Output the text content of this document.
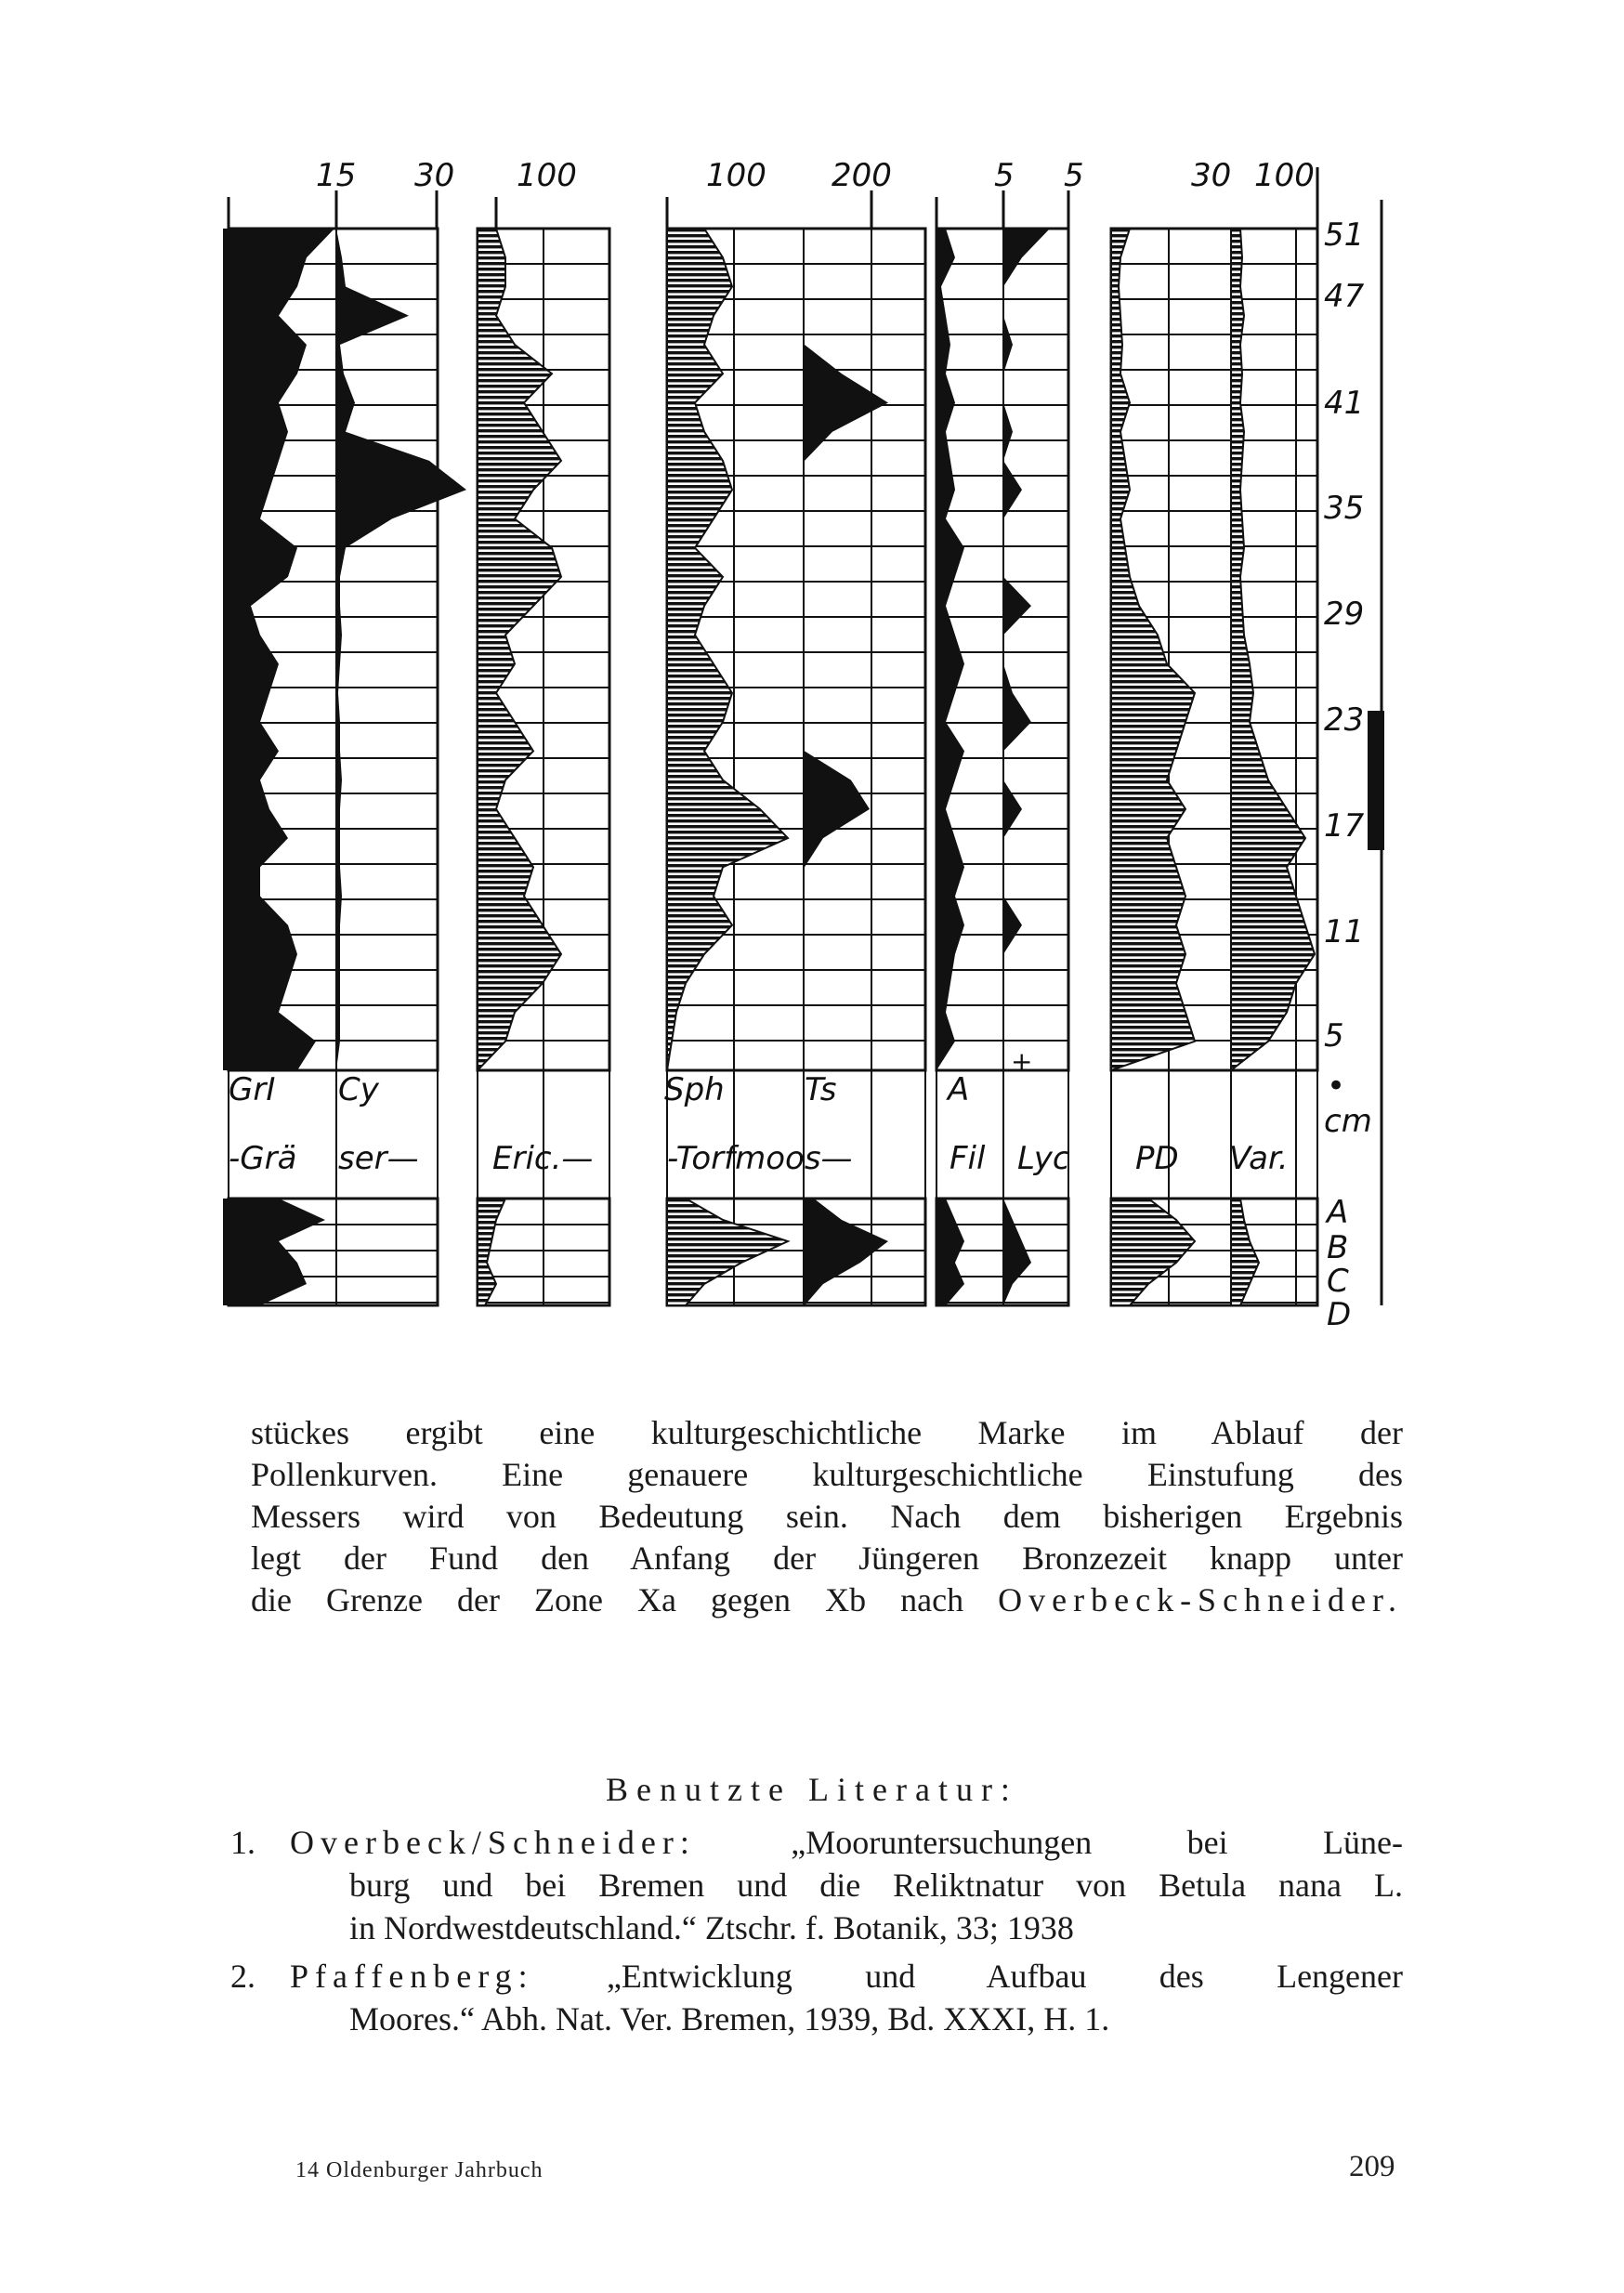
15 30 100	100 200	5 5	30 100
GrI Cy
-Grä ser— Eric.—
Sph	Ts
-Torfmoos—
A
Fil Lyc PD Var.
+
51
47
41
35
29
23
17
11
5
•
cm
A
B
C
D
stückes ergibt eine kulturgeschichtliche Marke im Ablauf der
Pollenkurven. Eine genauere kulturgeschichtliche Einstufung des
Messers wird von Bedeutung sein. Nach dem bisherigen Ergebnis
legt der Fund den Anfang der Jüngeren Bronzezeit knapp unter
die Grenze der Zone Xa gegen Xb nach Overbeck-Schneider.
Benutzte Literatur:
1. Overbeck/Schneider:	„Mooruntersuchungen bei Lüne-
burg und bei Bremen und die Reliktnatur von Betula nana L.
in Nordwestdeutschland.“ Ztschr. f. Botanik, 33; 1938
2. Pfaffenberg: „Entwicklung und Aufbau des Lengener
Moores.“ Abh. Nat. Ver. Bremen, 1939, Bd. XXXI, H. 1.
14 Oldenburger Jahrbuch	209
